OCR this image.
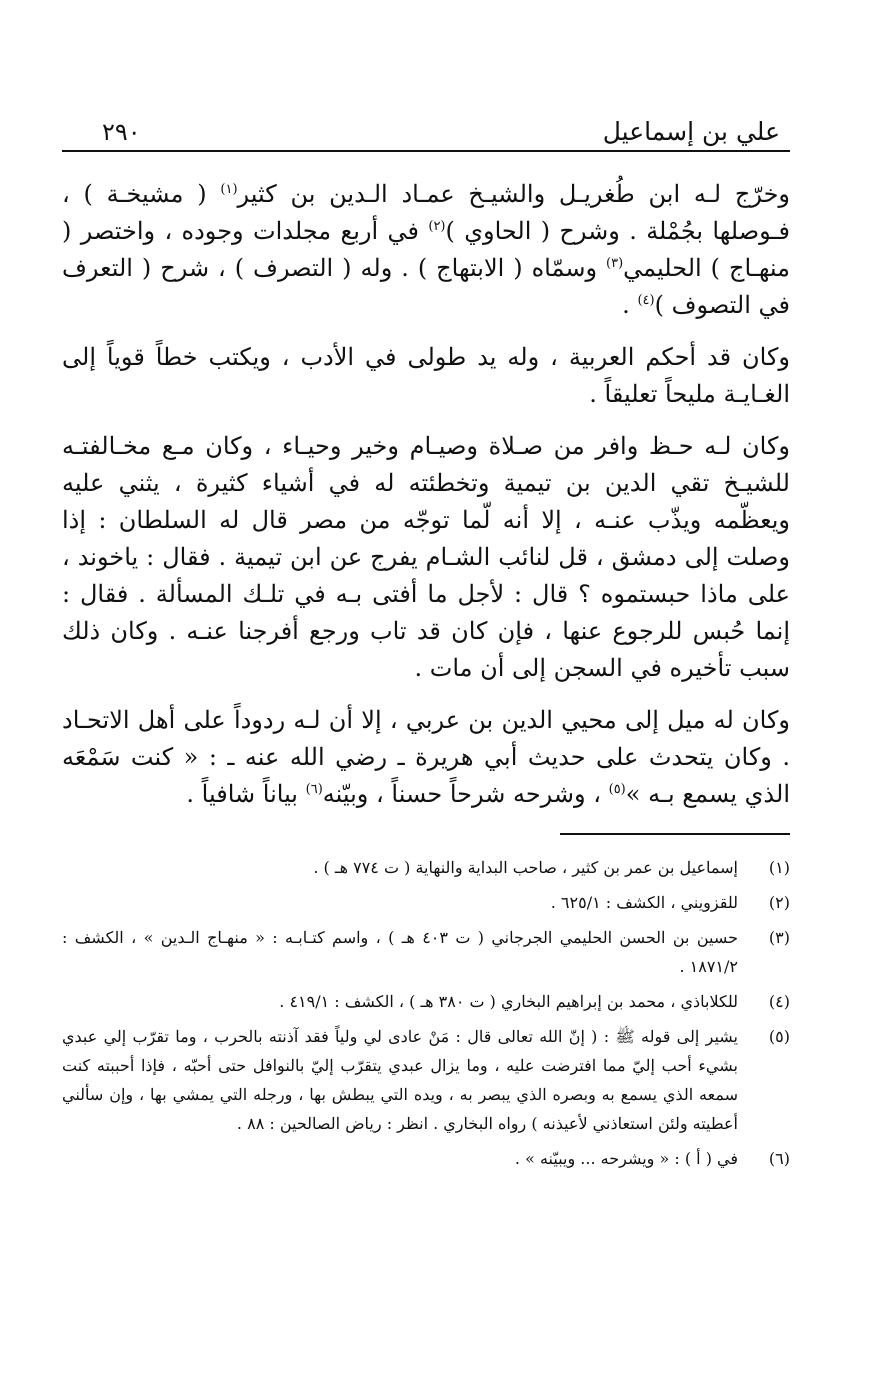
علي بن إسماعيل
٢٩٠

وخرّج لـه ابن طُغريـل والشيـخ عمـاد الـدين بن كثير$^{(١)}$ ( مشيخـة ) ، فـوصلها بجُمْلة . وشرح ( الحاوي )$^{(٢)}$ في أربع مجلدات وجوده ، واختصر ( منهـاج ) الحليمي$^{(٣)}$ وسمّاه ( الابتهاج ) . وله ( التصرف ) ، شرح ( التعرف في التصوف )$^{(٤)}$ .

وكان قد أحكم العربية ، وله يد طولى في الأدب ، ويكتب خطاً قوياً إلى الغـايـة مليحاً تعليقاً .

وكان لـه حـظ وافر من صـلاة وصيـام وخير وحيـاء ، وكان مـع مخـالفتـه للشيـخ تقي الدين بن تيمية وتخطئته له في أشياء كثيرة ، يثني عليه ويعظّمه ويذّب عنـه ، إلا أنه لّما توجّه من مصر قال له السلطان : إذا وصلت إلى دمشق ، قل لنائب الشـام يفرج عن ابن تيمية . فقال : ياخوند ، على ماذا حبستموه ؟ قال : لأجل ما أفتى بـه في تلـك المسألة . فقال : إنما حُبس للرجوع عنها ، فإن كان قد تاب ورجع أفرجنا عنـه . وكان ذلك سبب تأخيره في السجن إلى أن مات .

وكان له ميل إلى محيي الدين بن عربي ، إلا أن لـه ردوداً على أهل الاتحـاد . وكان يتحدث على حديث أبي هريرة ـ رضي الله عنه ـ : « كنت سَمْعَه الذي يسمع بـه »$^{(٥)}$ ، وشرحه شرحاً حسناً ، وبيّنه$^{(٦)}$ بياناً شافياً .

(١)
إسماعيل بن عمر بن كثير ، صاحب البداية والنهاية ( ت ٧٧٤ هـ ) .
(٢)
للقزويني ، الكشف : ٦٢٥/١ .
(٣)
حسين بن الحسن الحليمي الجرجاني ( ت ٤٠٣ هـ ) ، واسم كتـابـه : « منهـاج الـدين » ، الكشف : ١٨٧١/٢ .
(٤)
للكلاباذي ، محمد بن إبراهيم البخاري ( ت ٣٨٠ هـ ) ، الكشف : ٤١٩/١ .
(٥)
يشير إلى قوله ﷺ : ( إنّ الله تعالى قال : مَنْ عادى لي ولياً فقد آذنته بالحرب ، وما تقرّب إلي عبدي بشيء أحب إليّ مما افترضت عليه ، وما يزال عبدي يتقرّب إليّ بالنوافل حتى أحبّه ، فإذا أحببته كنت سمعه الذي يسمع به وبصره الذي يبصر به ، ويده التي يبطش بها ، ورجله التي يمشي بها ، وإن سألني أعطيته ولئن استعاذني لأعيذنه ) رواه البخاري . انظر : رياض الصالحين : ٨٨ .
(٦)
في ( أ ) : « ويشرحه ... ويبيّنه » .
